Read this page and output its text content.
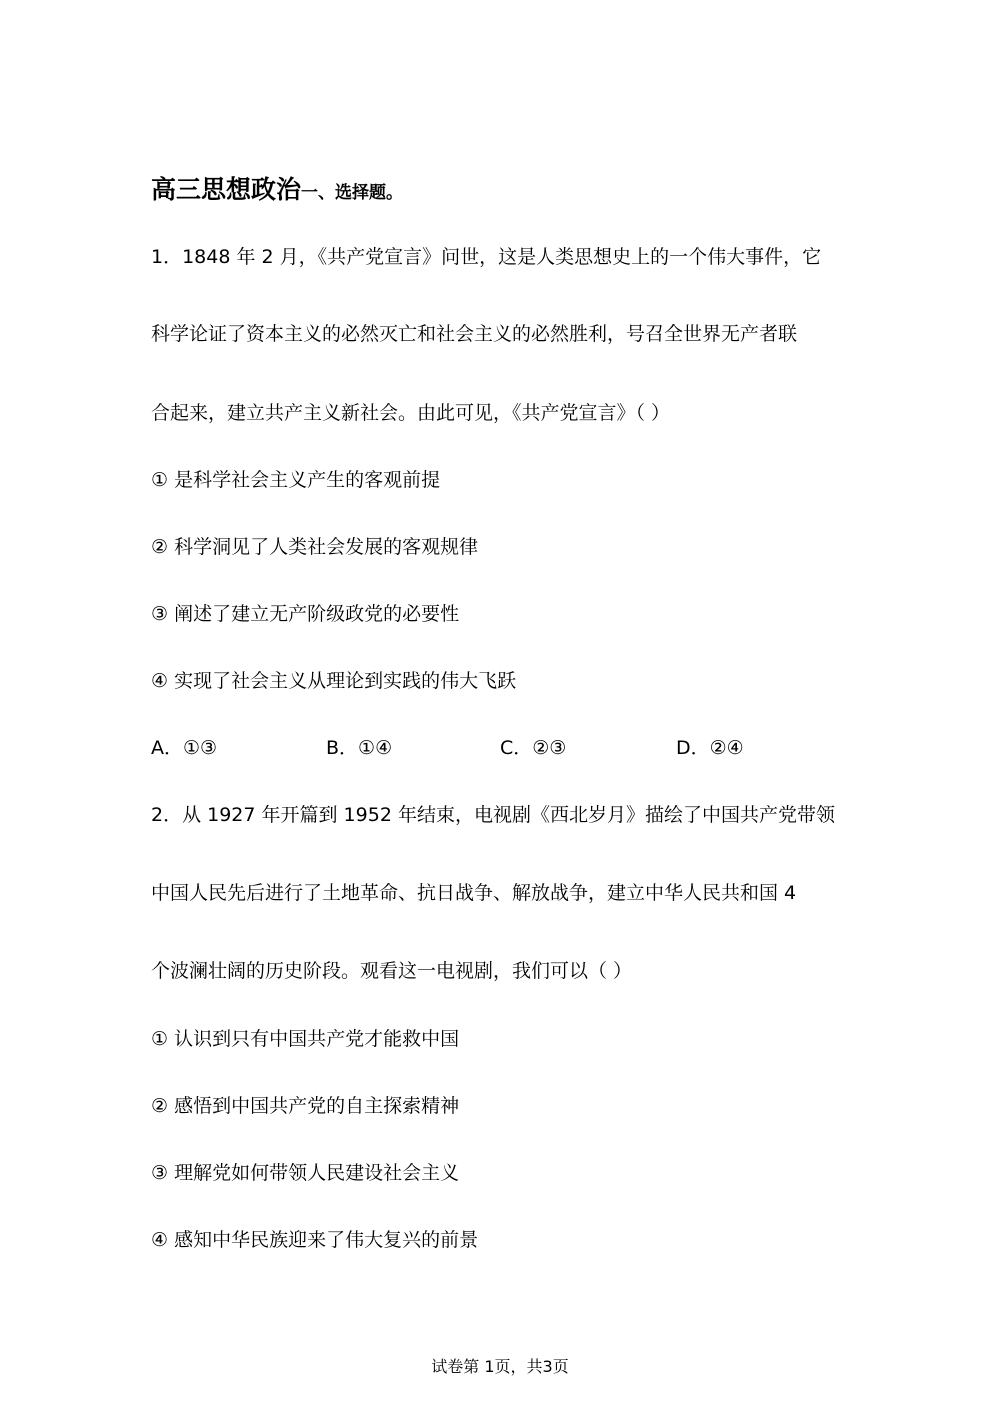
高三思想政治一、选择题。
1．1848 年 2 月，《共产党宣言》问世，这是人类思想史上的一个伟大事件，它
科学论证了资本主义的必然灭亡和社会主义的必然胜利，号召全世界无产者联
合起来，建立共产主义新社会。由此可见，《共产党宣言》（ ）
① 是科学社会主义产生的客观前提
② 科学洞见了人类社会发展的客观规律
③ 阐述了建立无产阶级政党的必要性
④ 实现了社会主义从理论到实践的伟大飞跃
A．①③	B．①④	C．②③	D．②④
2．从 1927 年开篇到 1952 年结束，电视剧《西北岁月》描绘了中国共产党带领
中国人民先后进行了土地革命、抗日战争、解放战争，建立中华人民共和国 4
个波澜壮阔的历史阶段。观看这一电视剧，我们可以（ ）
① 认识到只有中国共产党才能救中国
② 感悟到中国共产党的自主探索精神
③ 理解党如何带领人民建设社会主义
④ 感知中华民族迎来了伟大复兴的前景
试卷第 1页，共3页
